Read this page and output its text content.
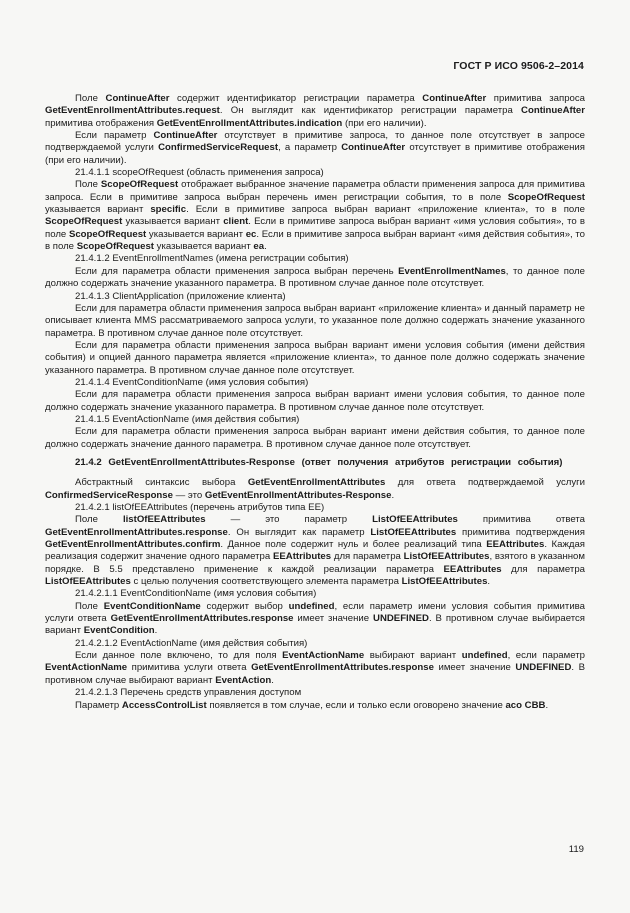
ГОСТ Р ИСО 9506-2–2014

Поле ContinueAfter содержит идентификатор регистрации параметра ContinueAfter примитива запроса GetEventEnrollmentAttributes.request. Он выглядит как идентификатор регистрации параметра ContinueAfter примитива отображения GetEventEnrollmentAttributes.indication (при его наличии).

Если параметр ContinueAfter отсутствует в примитиве запроса, то данное поле отсутствует в запросе подтверждаемой услуги ConfirmedServiceRequest, а параметр ContinueAfter отсутствует в примитиве отображения (при его наличии).

21.4.1.1 scopeOfRequest (область применения запроса)

Поле ScopeOfRequest отображает выбранное значение параметра области применения запроса для примитива запроса. Если в примитиве запроса выбран перечень имен регистрации события, то в поле ScopeOfRequest указывается вариант specific. Если в примитиве запроса выбран вариант «приложение клиента», то в поле ScopeOfRequest указывается вариант client. Если в примитиве запроса выбран вариант «имя условия события», то в поле ScopeOfRequest указывается вариант ec. Если в примитиве запроса выбран вариант «имя действия события», то в поле ScopeOfRequest указывается вариант ea.

21.4.1.2 EventEnrollmentNames (имена регистрации события)

Если для параметра области применения запроса выбран перечень EventEnrollmentNames, то данное поле должно содержать значение указанного параметра. В противном случае данное поле отсутствует.

21.4.1.3 ClientApplication (приложение клиента)

Если для параметра области применения запроса выбран вариант «приложение клиента» и данный параметр не описывает клиента MMS рассматриваемого запроса услуги, то указанное поле должно содержать значение указанного параметра. В противном случае данное поле отсутствует.

Если для параметра области применения запроса выбран вариант имени условия события (имени действия события) и опцией данного параметра является «приложение клиента», то данное поле должно содержать значение указанного параметра. В противном случае данное поле отсутствует.

21.4.1.4 EventConditionName (имя условия события)

Если для параметра области применения запроса выбран вариант имени условия события, то данное поле должно содержать значение указанного параметра. В противном случае данное поле отсутствует.

21.4.1.5 EventActionName (имя действия события)

Если для параметра области применения запроса выбран вариант имени действия события, то данное поле должно содержать значение данного параметра. В противном случае данное поле отсутствует.

21.4.2 GetEventEnrollmentAttributes-Response (ответ получения атрибутов регистрации события)

Абстрактный синтаксис выбора GetEventEnrollmentAttributes для ответа подтверждаемой услуги ConfirmedServiceResponse — это GetEventEnrollmentAttributes-Response.

21.4.2.1 listOfEEAttributes (перечень атрибутов типа EE)

Поле listOfEEAttributes — это параметр ListOfEEAttributes примитива ответа GetEventEnrollmentAttributes.response. Он выглядит как параметр ListOfEEAttributes примитива подтверждения GetEventEnrollmentAttributes.confirm. Данное поле содержит нуль и более реализаций типа EEAttributes. Каждая реализация содержит значение одного параметра EEAttributes для параметра ListOfEEAttributes, взятого в указанном порядке. В 5.5 представлено применение к каждой реализации параметра EEAttributes для параметра ListOfEEAttributes с целью получения соответствующего элемента параметра ListOfEEAttributes.

21.4.2.1.1 EventConditionName (имя условия события)

Поле EventConditionName содержит выбор undefined, если параметр имени условия события примитива услуги ответа GetEventEnrollmentAttributes.response имеет значение UNDEFINED. В противном случае выбирается вариант EventCondition.

21.4.2.1.2 EventActionName (имя действия события)

Если данное поле включено, то для поля EventActionName выбирают вариант undefined, если параметр EventActionName примитива услуги ответа GetEventEnrollmentAttributes.response имеет значение UNDEFINED. В противном случае выбирают вариант EventAction.

21.4.2.1.3 Перечень средств управления доступом

Параметр AccessControlList появляется в том случае, если и только если оговорено значение aco CBB.

119
